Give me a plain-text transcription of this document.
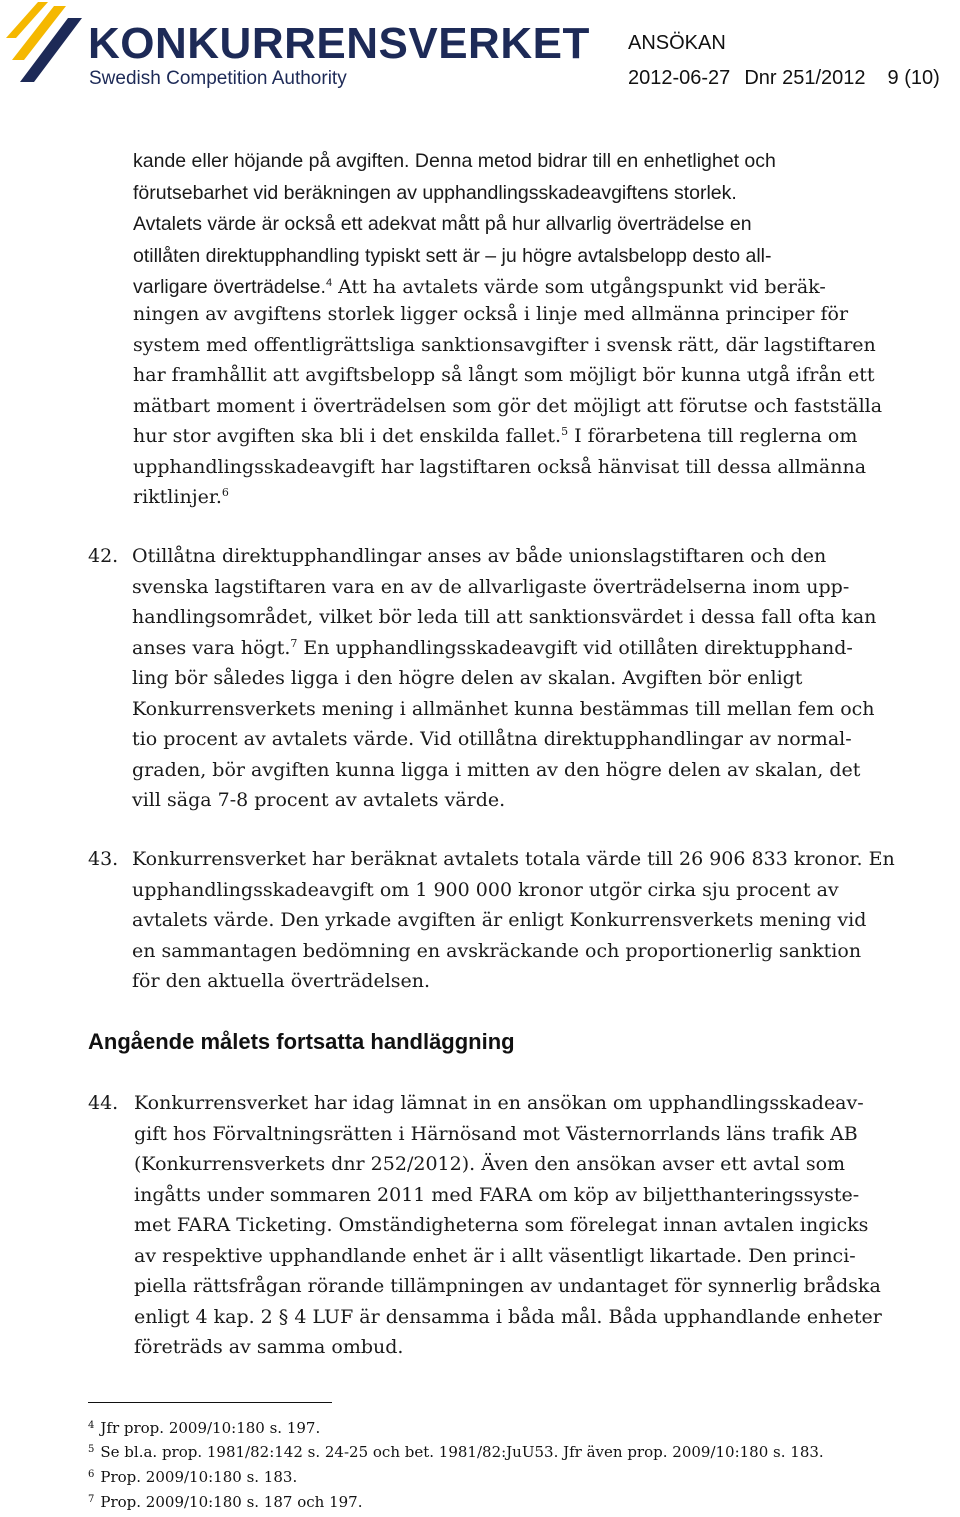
KONKURRENSVERKET
Swedish Competition Authority
ANSÖKAN
2012-06-27 Dnr 251/2012 9 (10)
kande eller höjande på avgiften. Denna metod bidrar till en enhetlighet och
förutsebarhet vid beräkningen av upphandlingsskadeavgiftens storlek.
Avtalets värde är också ett adekvat mått på hur allvarlig överträdelse en
otillåten direktupphandling typiskt sett är – ju högre avtalsbelopp desto all-
varligare överträdelse.$^4$ Att ha avtalets värde som utgångspunkt vid beräk-
ningen av avgiftens storlek ligger också i linje med allmänna principer för
system med offentligrättsliga sanktionsavgifter i svensk rätt, där lagstiftaren
har framhållit att avgiftsbelopp så långt som möjligt bör kunna utgå ifrån ett
mätbart moment i överträdelsen som gör det möjligt att förutse och fastställa
hur stor avgiften ska bli i det enskilda fallet.$^5$ I förarbetena till reglerna om
upphandlingsskadeavgift har lagstiftaren också hänvisat till dessa allmänna
riktlinjer.$^6$
42. Otillåtna direktupphandlingar anses av både unionslagstiftaren och den
svenska lagstiftaren vara en av de allvarligaste överträdelserna inom upp-
handlingsområdet, vilket bör leda till att sanktionsvärdet i dessa fall ofta kan
anses vara högt.$^7$ En upphandlingsskadeavgift vid otillåten direktupphand-
ling bör således ligga i den högre delen av skalan. Avgiften bör enligt
Konkurrensverkets mening i allmänhet kunna bestämmas till mellan fem och
tio procent av avtalets värde. Vid otillåtna direktupphandlingar av normal-
graden, bör avgiften kunna ligga i mitten av den högre delen av skalan, det
vill säga 7-8 procent av avtalets värde.
43. Konkurrensverket har beräknat avtalets totala värde till 26 906 833 kronor. En
upphandlingsskadeavgift om 1 900 000 kronor utgör cirka sju procent av
avtalets värde. Den yrkade avgiften är enligt Konkurrensverkets mening vid
en sammantagen bedömning en avskräckande och proportionerlig sanktion
för den aktuella överträdelsen.
Angående målets fortsatta handläggning
44. Konkurrensverket har idag lämnat in en ansökan om upphandlingsskadeav-
gift hos Förvaltningsrätten i Härnösand mot Västernorrlands läns trafik AB
(Konkurrensverkets dnr 252/2012). Även den ansökan avser ett avtal som
ingåtts under sommaren 2011 med FARA om köp av biljetthanteringssyste-
met FARA Ticketing. Omständigheterna som förelegat innan avtalen ingicks
av respektive upphandlande enhet är i allt väsentligt likartade. Den princi-
piella rättsfrågan rörande tillämpningen av undantaget för synnerlig brådska
enligt 4 kap. 2 § 4 LUF är densamma i båda mål. Båda upphandlande enheter
företräds av samma ombud.
$^4$ Jfr prop. 2009/10:180 s. 197.
$^5$ Se bl.a. prop. 1981/82:142 s. 24-25 och bet. 1981/82:JuU53. Jfr även prop. 2009/10:180 s. 183.
$^6$ Prop. 2009/10:180 s. 183.
$^7$ Prop. 2009/10:180 s. 187 och 197.
